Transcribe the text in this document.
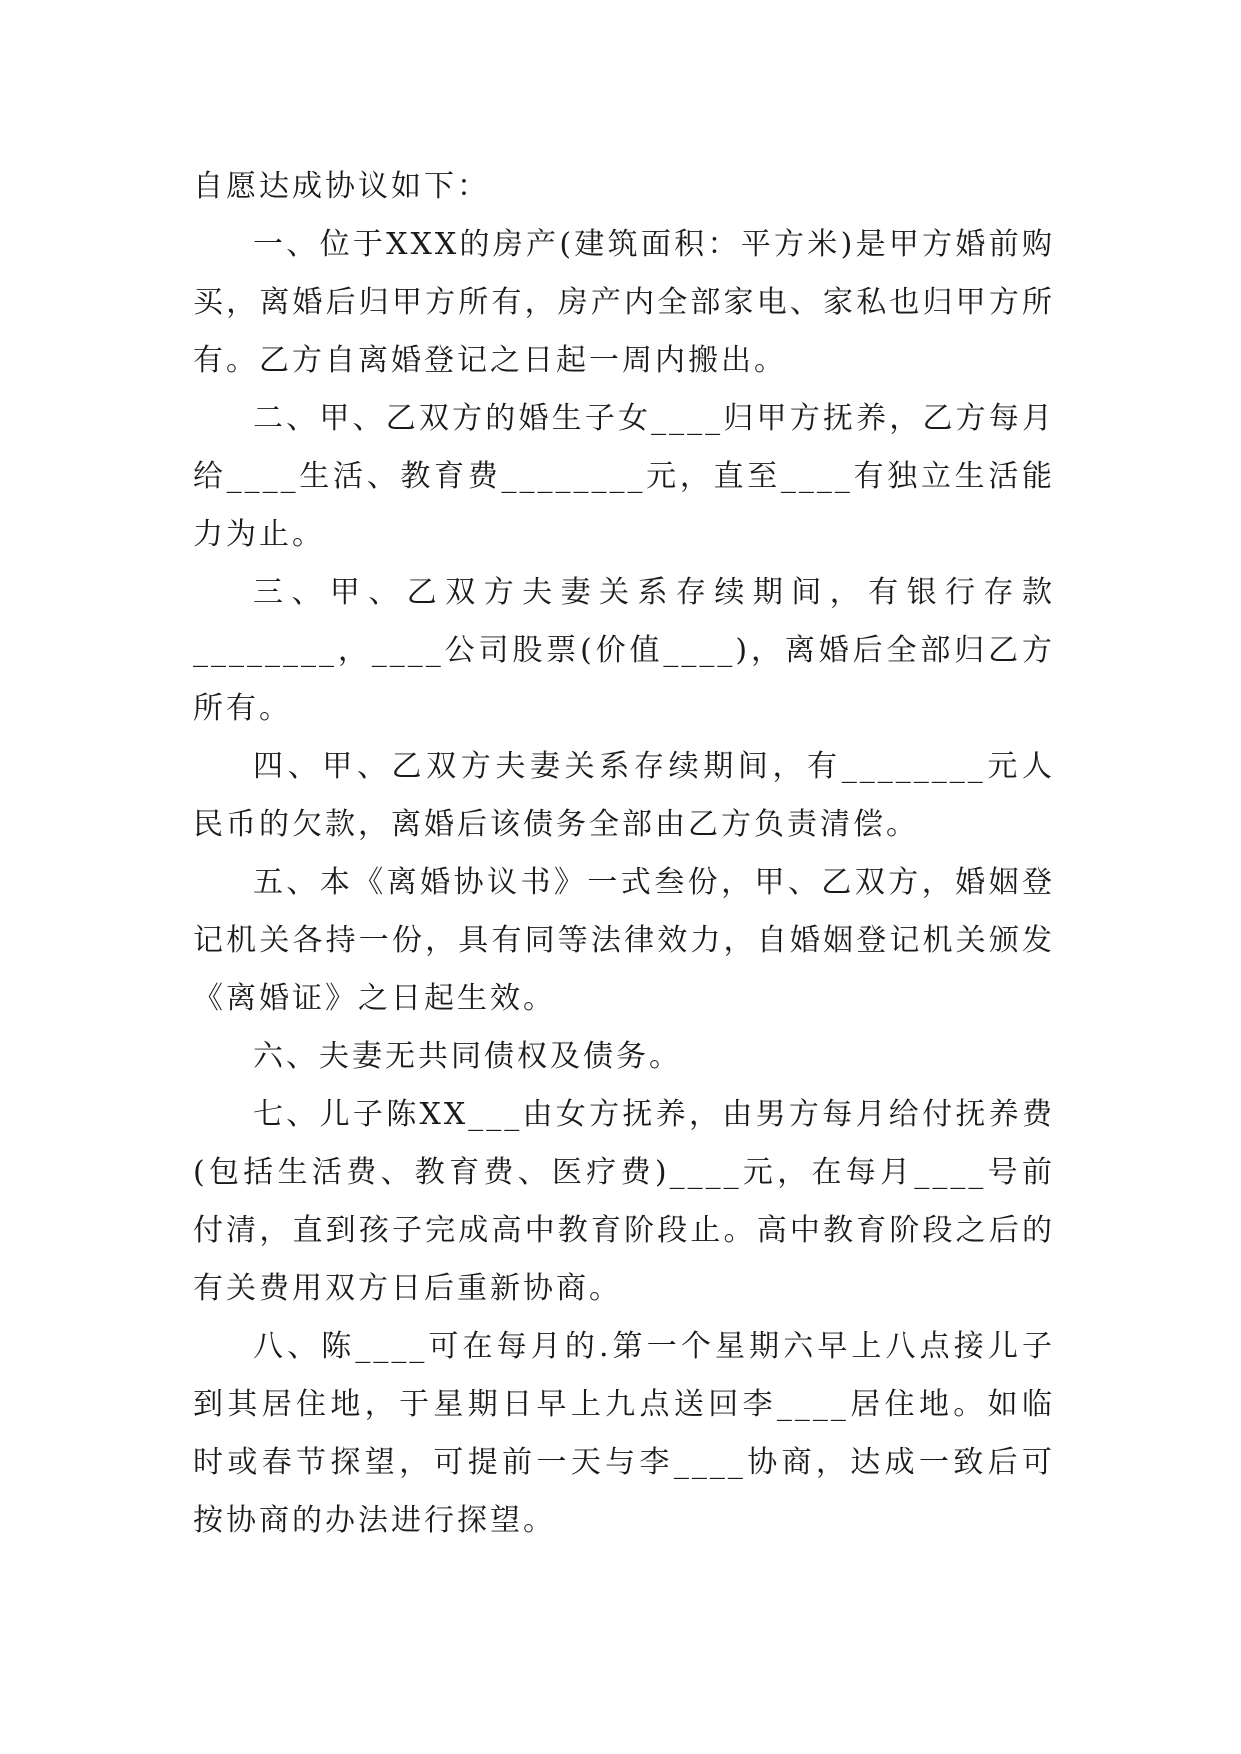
自愿达成协议如下：

一、位于XXX的房产(建筑面积：平方米)是甲方婚前购买，离婚后归甲方所有，房产内全部家电、家私也归甲方所有。乙方自离婚登记之日起一周内搬出。

二、甲、乙双方的婚生子女____归甲方抚养，乙方每月给____生活、教育费________元，直至____有独立生活能力为止。

三、甲、乙双方夫妻关系存续期间，有银行存款________，____公司股票(价值____)，离婚后全部归乙方所有。

四、甲、乙双方夫妻关系存续期间，有________元人民币的欠款，离婚后该债务全部由乙方负责清偿。

五、本《离婚协议书》一式叁份，甲、乙双方，婚姻登记机关各持一份，具有同等法律效力，自婚姻登记机关颁发《离婚证》之日起生效。

六、夫妻无共同债权及债务。

七、儿子陈XX___由女方抚养，由男方每月给付抚养费(包括生活费、教育费、医疗费)____元，在每月____号前付清，直到孩子完成高中教育阶段止。高中教育阶段之后的有关费用双方日后重新协商。

八、陈____可在每月的.第一个星期六早上八点接儿子到其居住地，于星期日早上九点送回李____居住地。如临时或春节探望，可提前一天与李____协商，达成一致后可按协商的办法进行探望。
